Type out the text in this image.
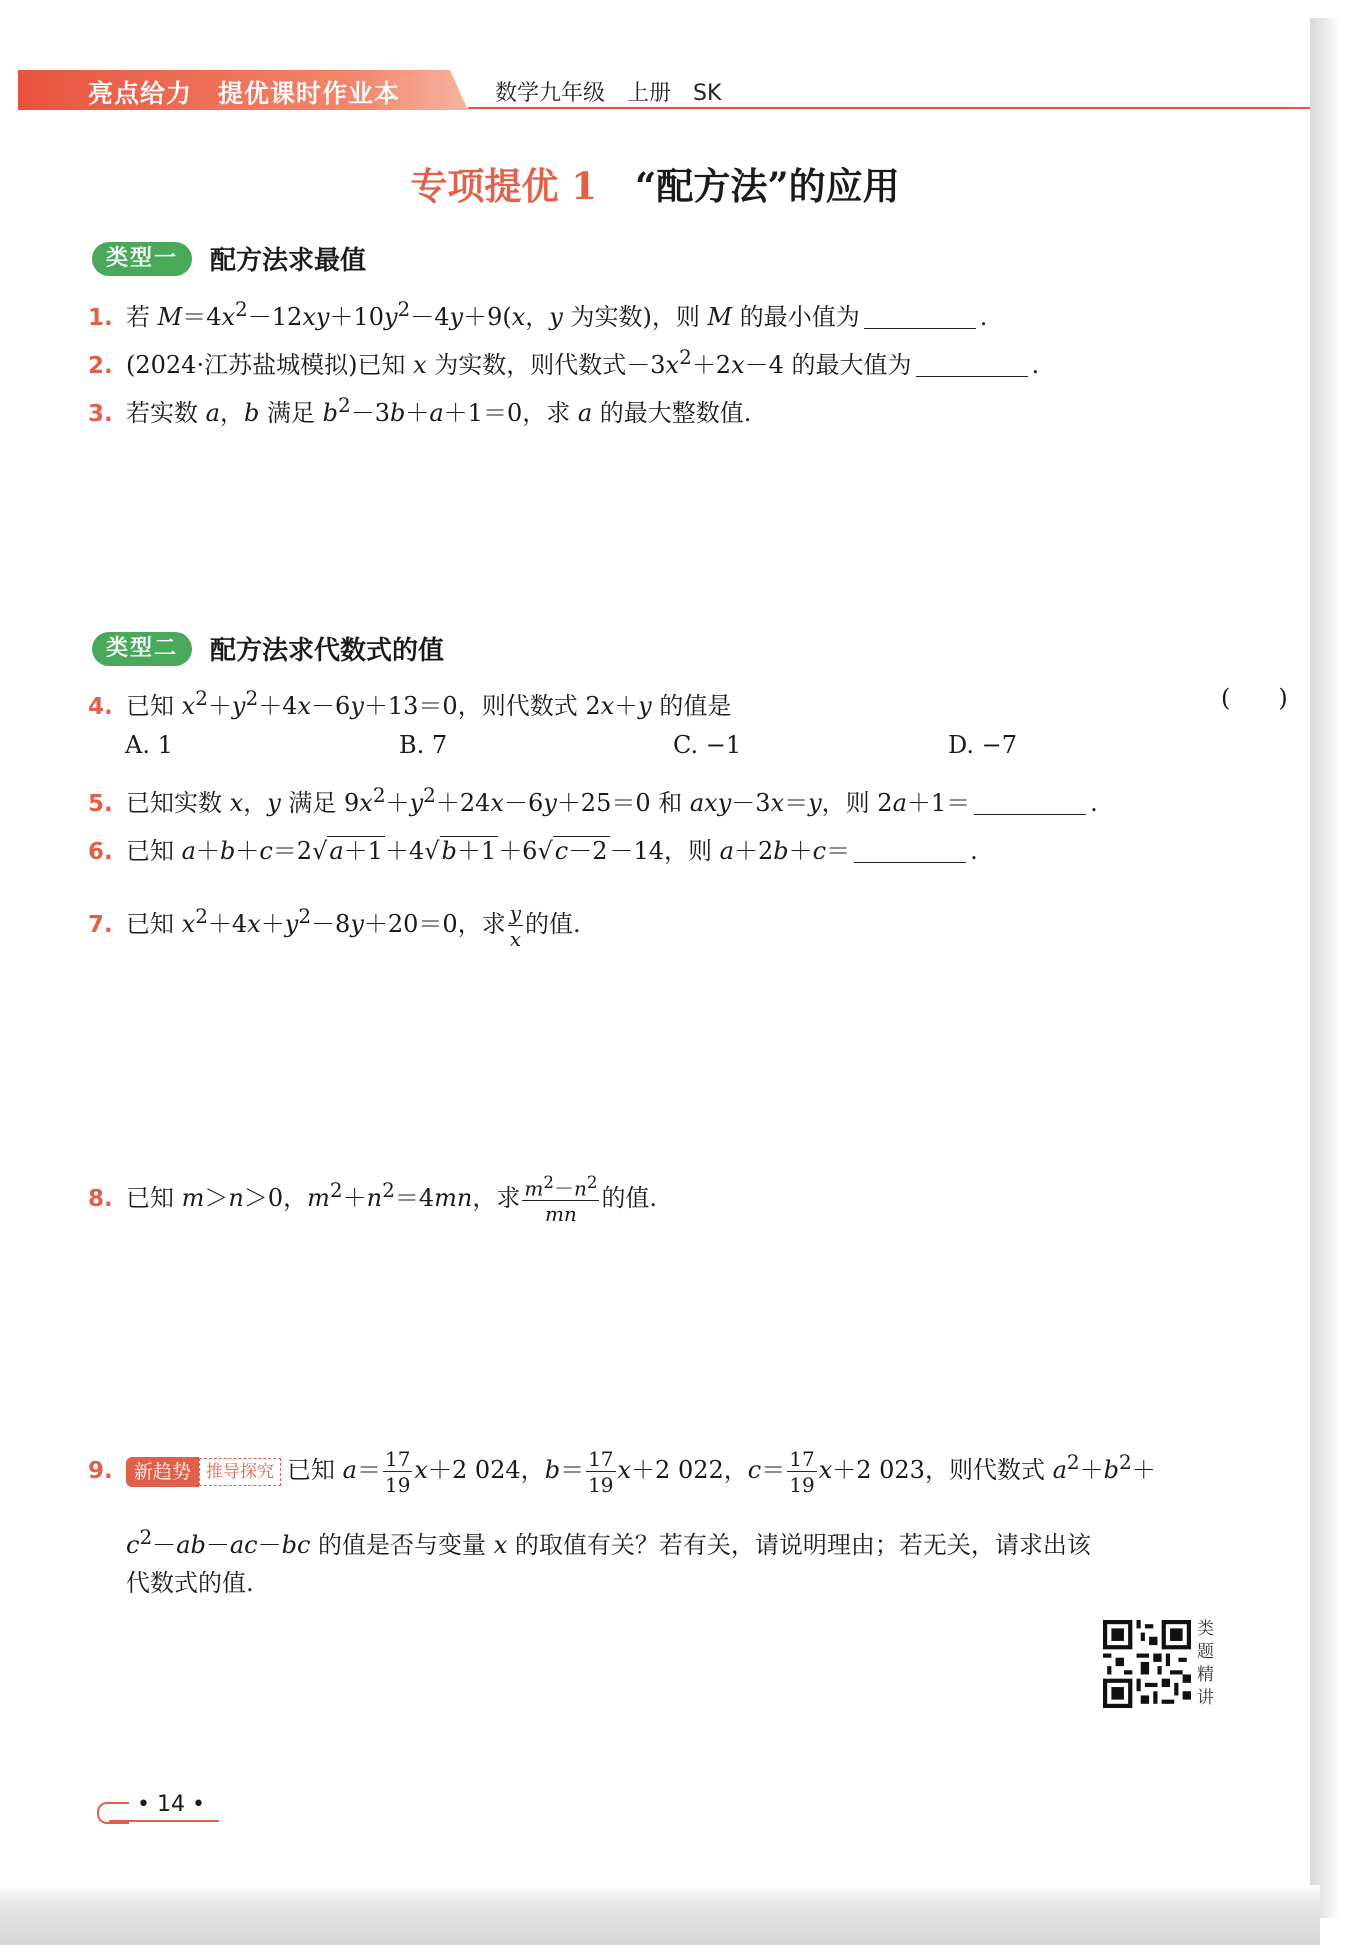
亮点给力 提优课时作业本	数学九年级　上册　SK
专项提优 1 “配方法”的应用
类型一 配方法求最值
1. 若 $M=4x^2-12xy+10y^2-4y+9(x$，y 为实数)，则 M 的最小值为	.
2. (2024·江苏盐城模拟)已知 x 为实数，则代数式$-3x^2+2x-4$ 的最大值为	.
3. 若实数 a，b 满足 $b^2-3b+a+1=0$，求 a 的最大整数值.
类型二 配方法求代数式的值
4. 已知 $x^2+y^2+4x-6y+13=0$，则代数式 2x＋y 的值是	(　　)
A. 1	B. 7	C. −1	D. −7
5. 已知实数 x，y 满足 $9x^2+y^2+24x-6y+25=0$ 和 axy－3x＝y，则 2a＋1＝	.
6. 已知 a＋b＋c＝2√a＋1＋4√b＋1＋6√c－2－14，则 a＋2b＋c＝	.
7. 已知 $x^2+4x+y^2-8y+20=0$，求 $\frac{y}{x}$ 的值.
8. 已知 m＞n＞0，$m^2+n^2=4mn$，求 $\frac{m^2-n^2}{mn}$ 的值.
9. 新趋势 推导探究 已知 $a= \frac{17}{19} x+2$ 024，$b= \frac{17}{19} x+2$ 022，$c= \frac{17}{19} x+2$ 023，则代数式 $a^2+b^2+$
$c^2-ab-ac-bc$ 的值是否与变量 x 的取值有关？若有关，请说明理由；若无关，请求出该
代数式的值.
类题精讲
• 14 •
